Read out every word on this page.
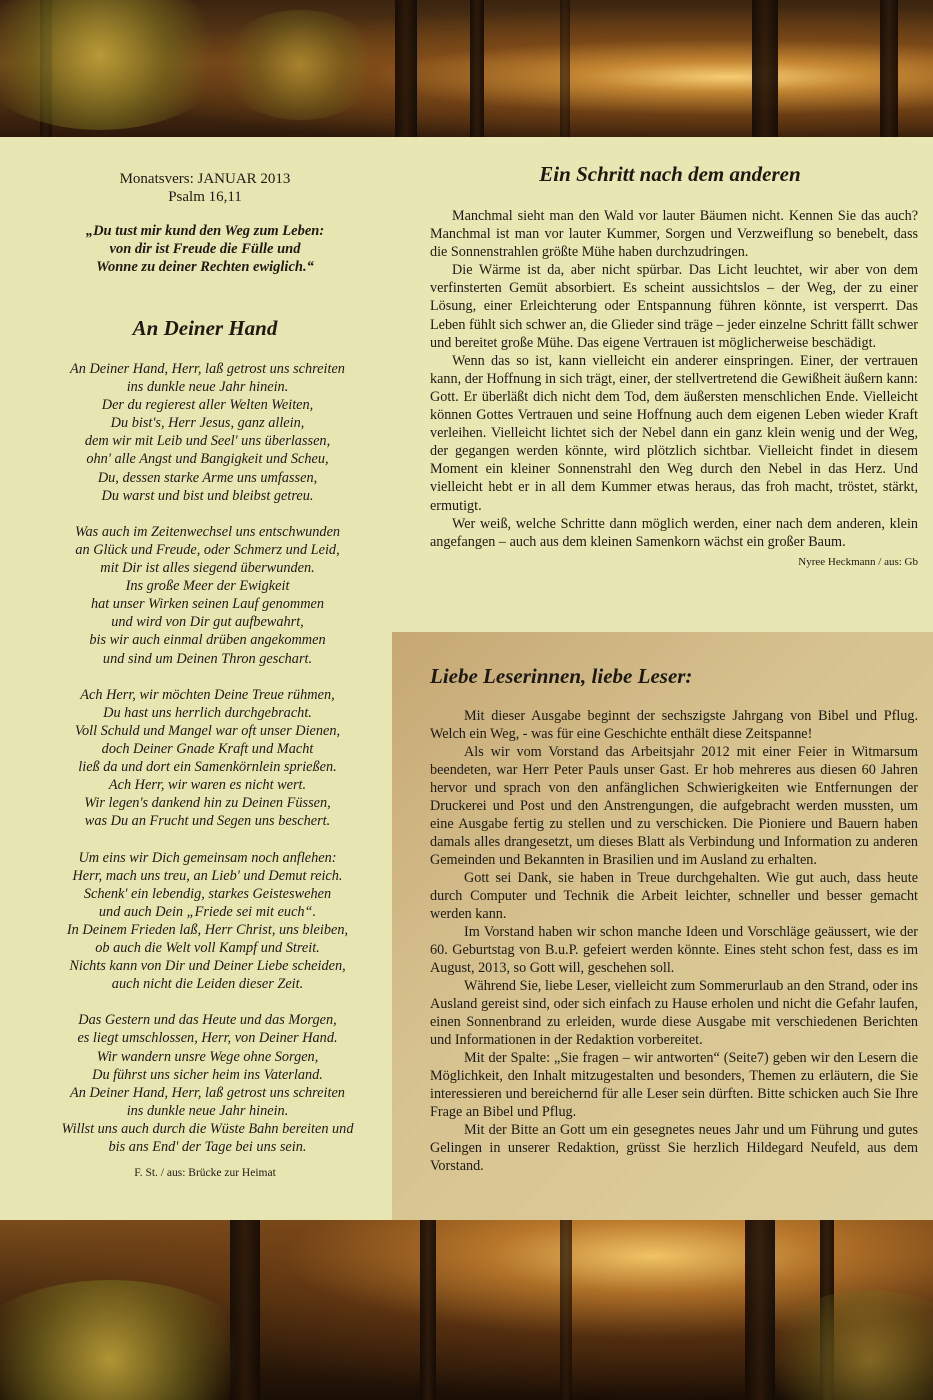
Monatsvers: JANUAR 2013
Psalm 16,11
„Du tust mir kund den Weg zum Leben:
von dir ist Freude die Fülle und
Wonne zu deiner Rechten ewiglich.“
An Deiner Hand
An Deiner Hand, Herr, laß getrost uns schreiten
ins dunkle neue Jahr hinein.
Der du regierest aller Welten Weiten,
Du bist's, Herr Jesus, ganz allein,
dem wir mit Leib und Seel' uns überlassen,
ohn' alle Angst und Bangigkeit und Scheu,
Du, dessen starke Arme uns umfassen,
Du warst und bist und bleibst getreu.
Was auch im Zeitenwechsel uns entschwunden
an Glück und Freude, oder Schmerz und Leid,
mit Dir ist alles siegend überwunden.
Ins große Meer der Ewigkeit
hat unser Wirken seinen Lauf genommen
und wird von Dir gut aufbewahrt,
bis wir auch einmal drüben angekommen
und sind um Deinen Thron geschart.
Ach Herr, wir möchten Deine Treue rühmen,
Du hast uns herrlich durchgebracht.
Voll Schuld und Mangel war oft unser Dienen,
doch Deiner Gnade Kraft und Macht
ließ da und dort ein Samenkörnlein sprießen.
Ach Herr, wir waren es nicht wert.
Wir legen's dankend hin zu Deinen Füssen,
was Du an Frucht und Segen uns beschert.
Um eins wir Dich gemeinsam noch anflehen:
Herr, mach uns treu, an Lieb' und Demut reich.
Schenk' ein lebendig, starkes Geisteswehen
und auch Dein „Friede sei mit euch“.
In Deinem Frieden laß, Herr Christ, uns bleiben,
ob auch die Welt voll Kampf und Streit.
Nichts kann von Dir und Deiner Liebe scheiden,
auch nicht die Leiden dieser Zeit.
Das Gestern und das Heute und das Morgen,
es liegt umschlossen, Herr, von Deiner Hand.
Wir wandern unsre Wege ohne Sorgen,
Du führst uns sicher heim ins Vaterland.
An Deiner Hand, Herr, laß getrost uns schreiten
ins dunkle neue Jahr hinein.
Willst uns auch durch die Wüste Bahn bereiten und
bis ans End' der Tage bei uns sein.
F. St. / aus: Brücke zur Heimat
Ein Schritt nach dem anderen

Manchmal sieht man den Wald vor lauter Bäumen nicht. Kennen Sie das auch? Manchmal ist man vor lauter Kummer, Sorgen und Verzweiflung so benebelt, dass die Sonnenstrahlen größte Mühe haben durchzudringen.

Die Wärme ist da, aber nicht spürbar. Das Licht leuchtet, wir aber von dem verfinsterten Gemüt absorbiert. Es scheint aussichtslos – der Weg, der zu einer Lösung, einer Erleichterung oder Entspannung führen könnte, ist versperrt. Das Leben fühlt sich schwer an, die Glieder sind träge – jeder einzelne Schritt fällt schwer und bereitet große Mühe. Das eigene Vertrauen ist möglicherweise beschädigt.

Wenn das so ist, kann vielleicht ein anderer einspringen. Einer, der vertrauen kann, der Hoffnung in sich trägt, einer, der stellvertretend die Gewißheit äußern kann: Gott. Er überläßt dich nicht dem Tod, dem äußersten menschlichen Ende. Vielleicht können Gottes Vertrauen und seine Hoffnung auch dem eigenen Leben wieder Kraft verleihen. Vielleicht lichtet sich der Nebel dann ein ganz klein wenig und der Weg, der gegangen werden könnte, wird plötzlich sichtbar. Vielleicht findet in diesem Moment ein kleiner Sonnenstrahl den Weg durch den Nebel in das Herz. Und vielleicht hebt er in all dem Kummer etwas heraus, das froh macht, tröstet, stärkt, ermutigt.

Wer weiß, welche Schritte dann möglich werden, einer nach dem anderen, klein angefangen – auch aus dem kleinen Samenkorn wächst ein großer Baum.
Nyree Heckmann / aus: Gb

Liebe Leserinnen, liebe Leser:

Mit dieser Ausgabe beginnt der sechszigste Jahrgang von Bibel und Pflug. Welch ein Weg, - was für eine Geschichte enthält diese Zeitspanne!

Als wir vom Vorstand das Arbeitsjahr 2012 mit einer Feier in Witmarsum beendeten, war Herr Peter Pauls unser Gast. Er hob mehreres aus diesen 60 Jahren hervor und sprach von den anfänglichen Schwierigkeiten wie Entfernungen der Druckerei und Post und den Anstrengungen, die aufgebracht werden mussten, um eine Ausgabe fertig zu stellen und zu verschicken. Die Pioniere und Bauern haben damals alles drangesetzt, um dieses Blatt als Verbindung und Information zu anderen Gemeinden und Bekannten in Brasilien und im Ausland zu erhalten.

Gott sei Dank, sie haben in Treue durchgehalten. Wie gut auch, dass heute durch Computer und Technik die Arbeit leichter, schneller und besser gemacht werden kann.

Im Vorstand haben wir schon manche Ideen und Vorschläge geäussert, wie der 60. Geburtstag von B.u.P. gefeiert werden könnte. Eines steht schon fest, dass es im August, 2013, so Gott will, geschehen soll.

Während Sie, liebe Leser, vielleicht zum Sommerurlaub an den Strand, oder ins Ausland gereist sind, oder sich einfach zu Hause erholen und nicht die Gefahr laufen, einen Sonnenbrand zu erleiden, wurde diese Ausgabe mit verschiedenen Berichten und Informationen in der Redaktion vorbereitet.

Mit der Spalte: „Sie fragen – wir antworten“ (Seite7) geben wir den Lesern die Möglichkeit, den Inhalt mitzugestalten und besonders, Themen zu erläutern, die Sie interessieren und bereichernd für alle Leser sein dürften. Bitte schicken auch Sie Ihre Frage an Bibel und Pflug.

Mit der Bitte an Gott um ein gesegnetes neues Jahr und um Führung und gutes Gelingen in unserer Redaktion, grüsst Sie herzlich Hildegard Neufeld, aus dem Vorstand.
